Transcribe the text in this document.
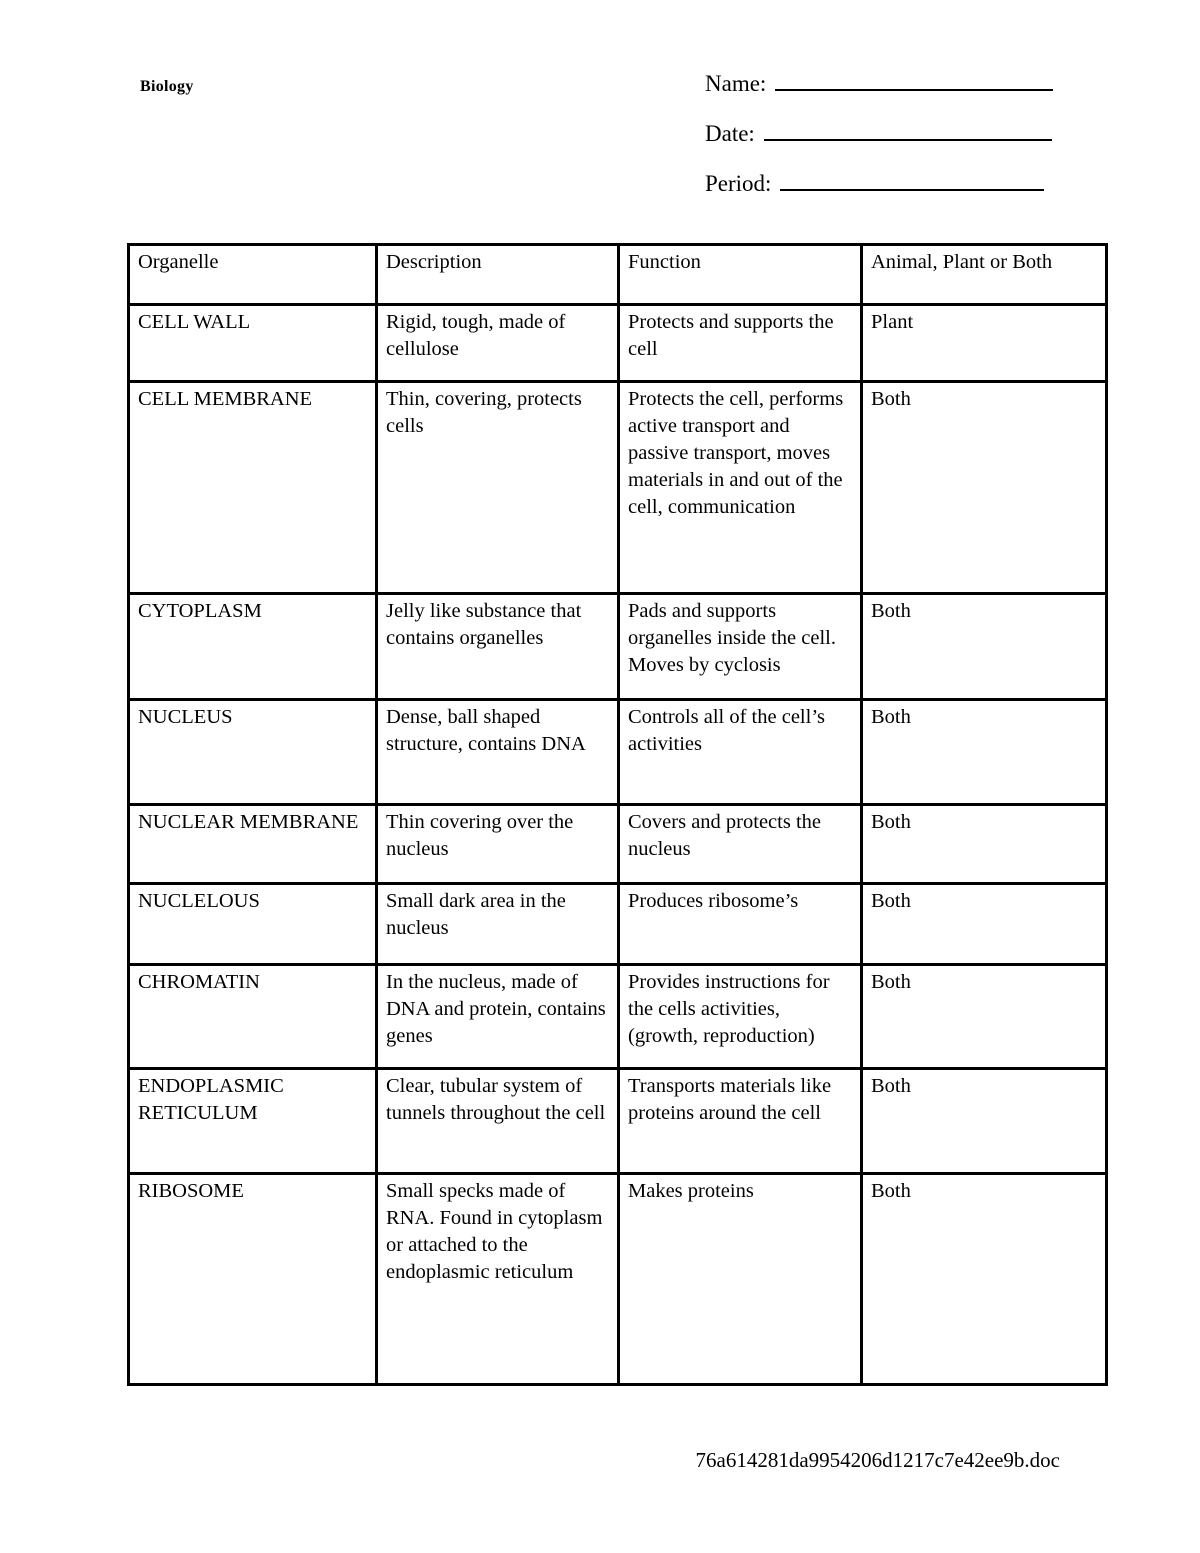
Biology	Name:
Date:
Period:
Organelle	Description	Function	Animal, Plant or Both
CELL WALL	Rigid, tough, made of cellulose	Protects and supports the cell	Plant
CELL MEMBRANE	Thin, covering, protects cells	Protects the cell, performs active transport and passive transport, moves materials in and out of the cell, communication	Both
CYTOPLASM	Jelly like substance that contains organelles	Pads and supports organelles inside the cell. Moves by cyclosis	Both
NUCLEUS	Dense, ball shaped structure, contains DNA	Controls all of the cell’s activities	Both
NUCLEAR MEMBRANE	Thin covering over the nucleus	Covers and protects the nucleus	Both
NUCLELOUS	Small dark area in the nucleus	Produces ribosome’s	Both
CHROMATIN	In the nucleus, made of DNA and protein, contains genes	Provides instructions for the cells activities, (growth, reproduction)	Both
ENDOPLASMIC RETICULUM	Clear, tubular system of tunnels throughout the cell	Transports materials like proteins around the cell	Both
RIBOSOME	Small specks made of RNA. Found in cytoplasm or attached to the endoplasmic reticulum	Makes proteins	Both
76a614281da9954206d1217c7e42ee9b.doc
